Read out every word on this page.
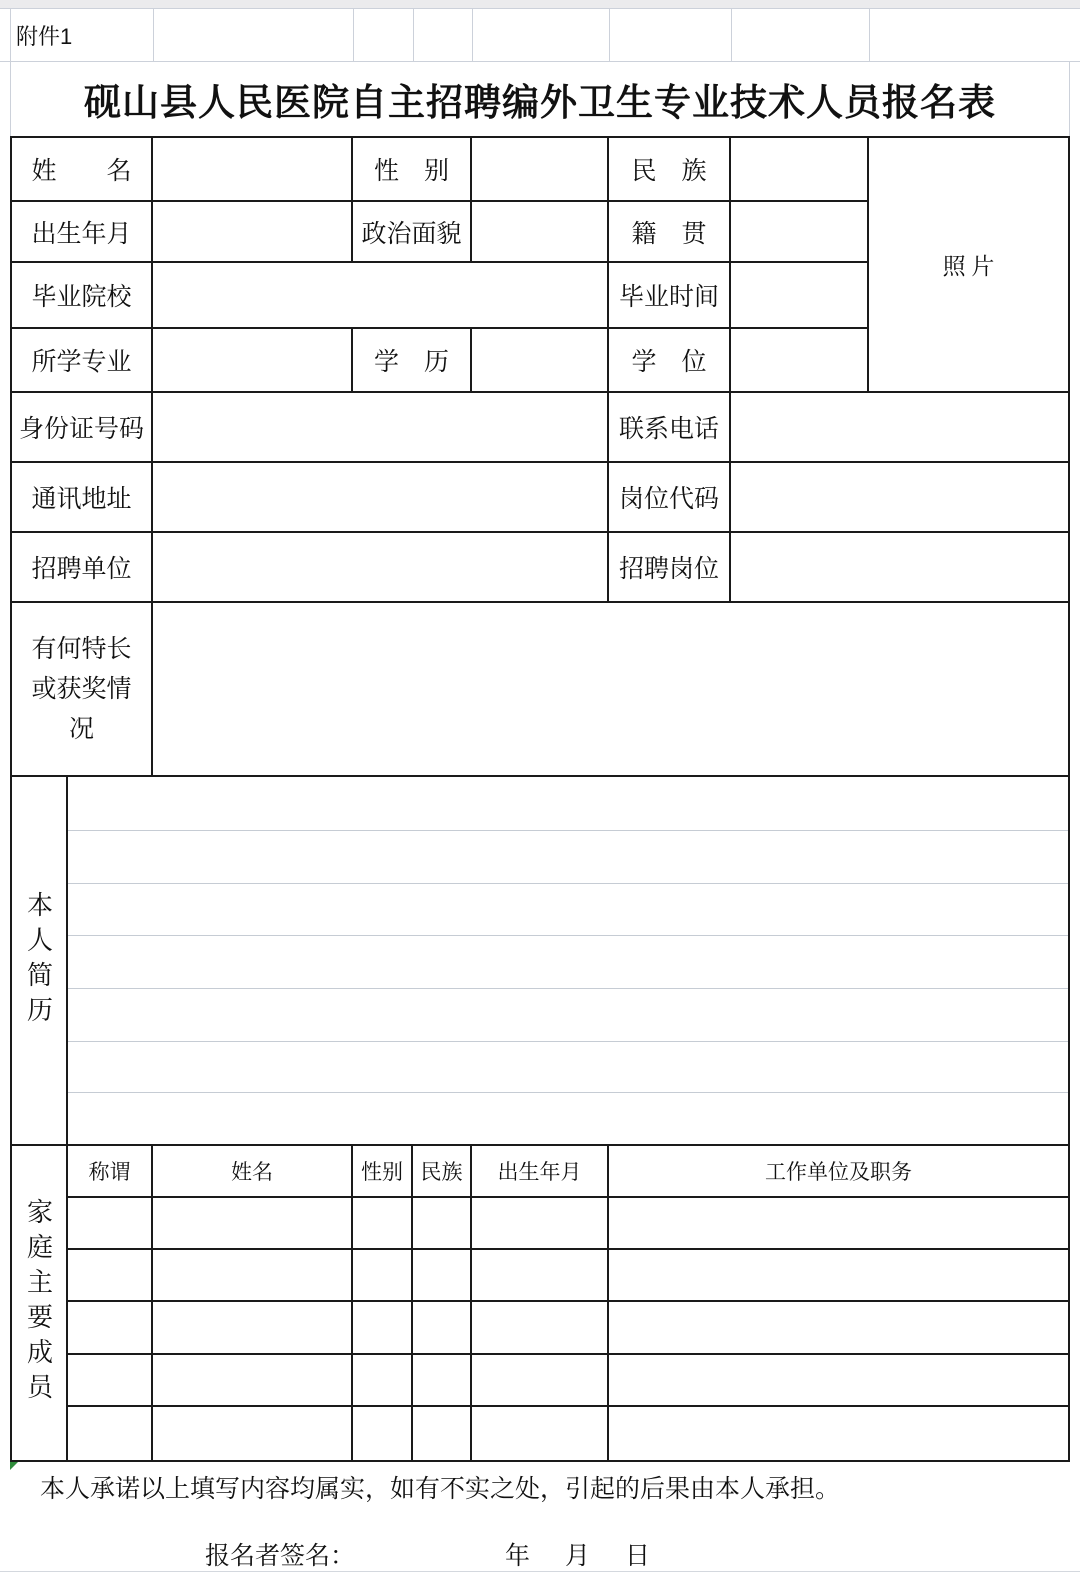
附件1
砚山县人民医院自主招聘编外卫生专业技术人员报名表
姓　　名	性　别	民　族
照 片
出生年月	政治面貌	籍　贯
毕业院校	毕业时间
所学专业	学　历	学　位
身份证号码	联系电话
通讯地址	岗位代码
招聘单位	招聘岗位
有何特长或获奖情况
本人简历
家庭主要成员
称谓	姓名	性别 民族	出生年月	工作单位及职务
本人承诺以上填写内容均属实，如有不实之处，引起的后果由本人承担。
报名者签名：	年　月　日
